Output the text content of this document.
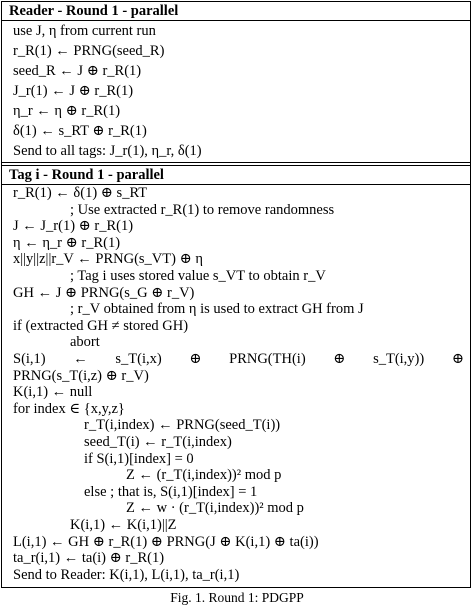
Reader - Round 1 - parallel
use J, η from current run
r_R(1) ← PRNG(seed_R)
seed_R ← J ⊕ r_R(1)
J_r(1) ← J ⊕ r_R(1)
η_r ← η ⊕ r_R(1)
δ(1) ← s_RT ⊕ r_R(1)
Send to all tags: J_r(1), η_r, δ(1)
Tag i - Round 1 - parallel
r_R(1) ← δ(1) ⊕ s_RT
; Use extracted r_R(1) to remove randomness
J ← J_r(1) ⊕ r_R(1)
η ← η_r ⊕ r_R(1)
x||y||z||r_V ← PRNG(s_VT) ⊕ η
; Tag i uses stored value s_VT to obtain r_V
GH ← J ⊕ PRNG(s_G ⊕ r_V)
; r_V obtained from η is used to extract GH from J
if (extracted GH ≠ stored GH)
abort
S(i,1) ← s_T(i,x) ⊕ PRNG(TH(i) ⊕ s_T(i,y)) ⊕
PRNG(s_T(i,z) ⊕ r_V)
K(i,1) ← null
for index ∈ {x,y,z}
r_T(i,index) ← PRNG(seed_T(i))
seed_T(i) ← r_T(i,index)
if S(i,1)[index] = 0
Z ← (r_T(i,index))² mod p
else ; that is, S(i,1)[index] = 1
Z ← w · (r_T(i,index))² mod p
K(i,1) ← K(i,1)||Z
L(i,1) ← GH ⊕ r_R(1) ⊕ PRNG(J ⊕ K(i,1) ⊕ ta(i))
ta_r(i,1) ← ta(i) ⊕ r_R(1)
Send to Reader: K(i,1), L(i,1), ta_r(i,1)
Fig. 1. Round 1: PDGPP
